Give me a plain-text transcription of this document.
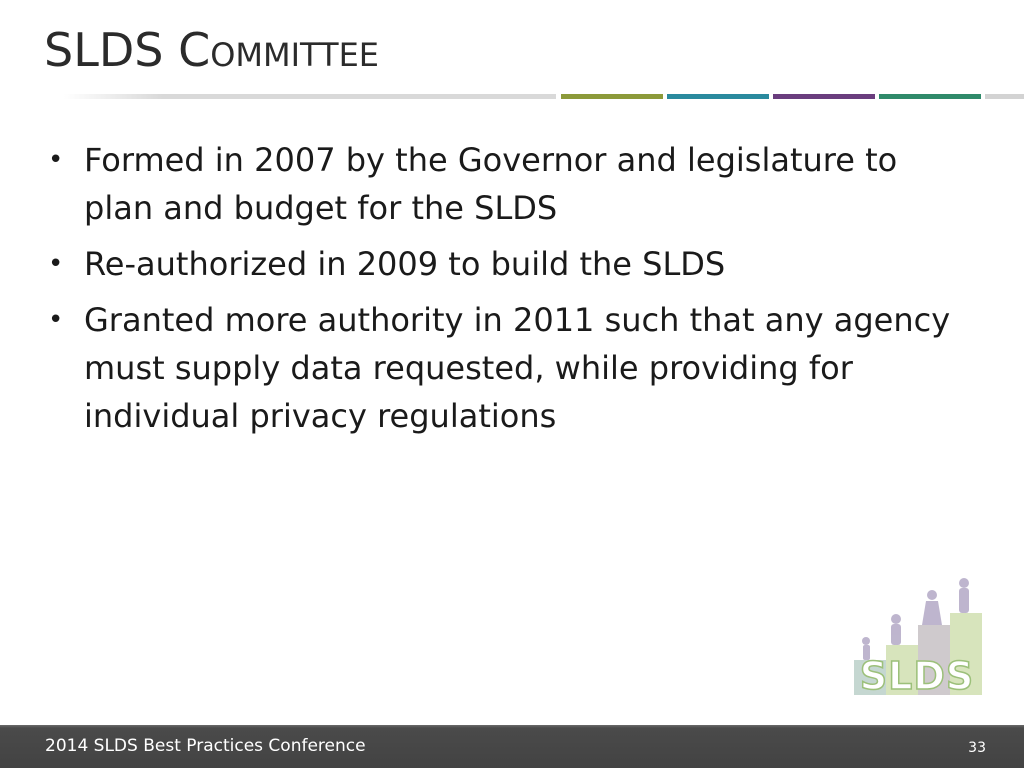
SLDS Committee
• Formed in 2007 by the Governor and legislature to plan and budget for the SLDS
• Re-authorized in 2009 to build the SLDS
• Granted more authority in 2011 such that any agency must supply data requested, while providing for individual privacy regulations
SLDS
2014 SLDS Best Practices Conference	33
